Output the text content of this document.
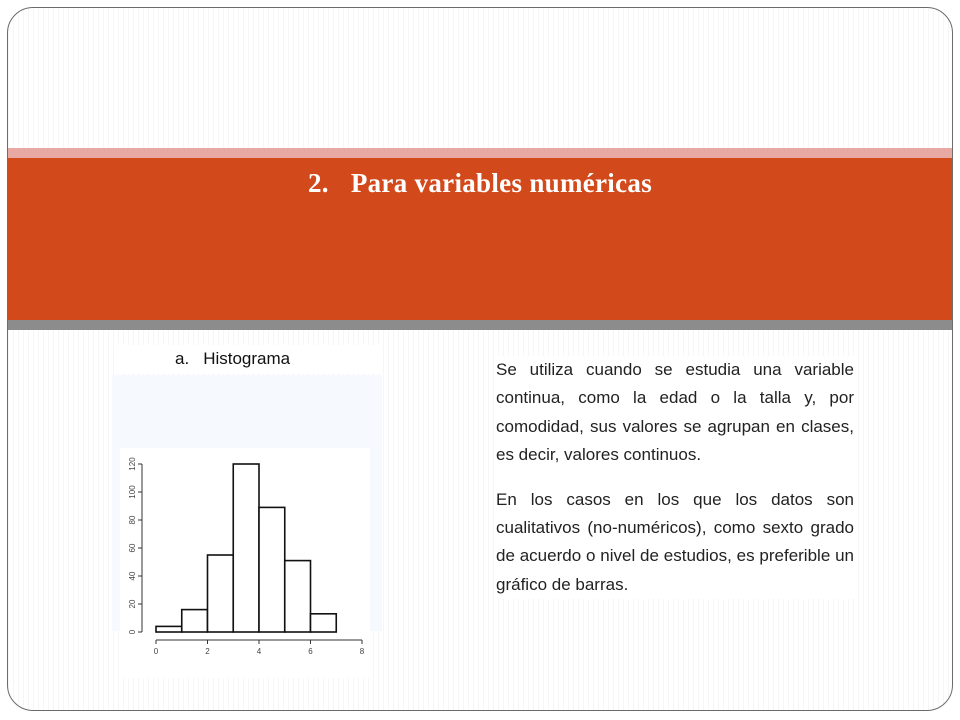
2. Para variables numéricas
a. Histograma
0	2	4	6	8
0
20
40
60
80
100
120

Se utiliza cuando se estudia una variable continua, como la edad o la talla y, por comodidad, sus valores se agrupan en clases, es decir, valores continuos.

En los casos en los que los datos son cualitativos (no-numéricos), como sexto grado de acuerdo o nivel de estudios, es preferible un gráfico de barras.
